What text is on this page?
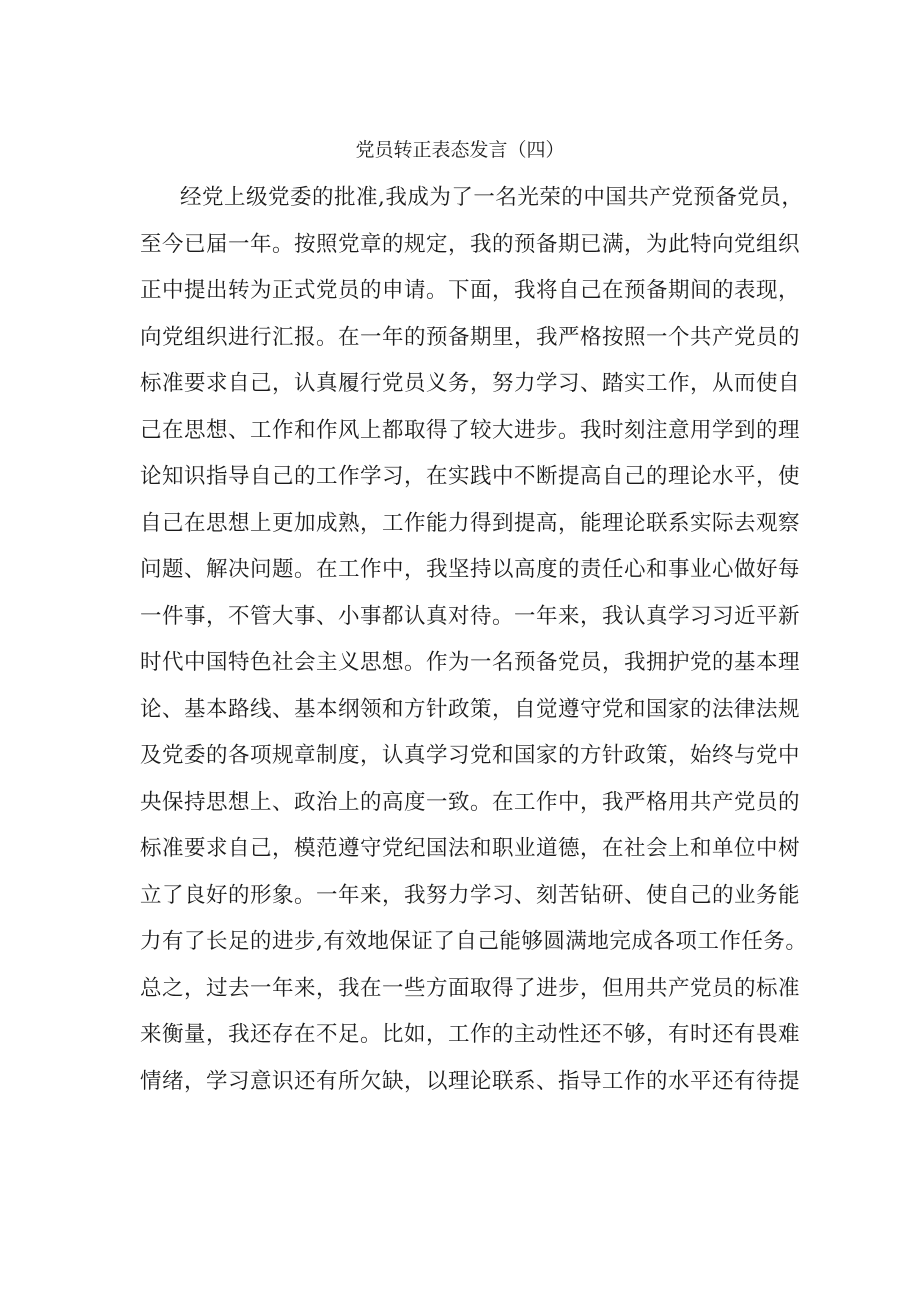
党员转正表态发言（四）
经党上级党委的批准,我成为了一名光荣的中国共产党预备党员，
至今已届一年。按照党章的规定，我的预备期已满，为此特向党组织
正中提出转为正式党员的申请。下面，我将自己在预备期间的表现，
向党组织进行汇报。在一年的预备期里，我严格按照一个共产党员的
标准要求自己，认真履行党员义务，努力学习、踏实工作，从而使自
己在思想、工作和作风上都取得了较大进步。我时刻注意用学到的理
论知识指导自己的工作学习，在实践中不断提高自己的理论水平，使
自己在思想上更加成熟，工作能力得到提高，能理论联系实际去观察
问题、解决问题。在工作中，我坚持以高度的责任心和事业心做好每
一件事，不管大事、小事都认真对待。一年来，我认真学习习近平新
时代中国特色社会主义思想。作为一名预备党员，我拥护党的基本理
论、基本路线、基本纲领和方针政策，自觉遵守党和国家的法律法规
及党委的各项规章制度，认真学习党和国家的方针政策，始终与党中
央保持思想上、政治上的高度一致。在工作中，我严格用共产党员的
标准要求自己，模范遵守党纪国法和职业道德，在社会上和单位中树
立了良好的形象。一年来，我努力学习、刻苦钻研、使自己的业务能
力有了长足的进步,有效地保证了自己能够圆满地完成各项工作任务。
总之，过去一年来，我在一些方面取得了进步，但用共产党员的标准
来衡量，我还存在不足。比如，工作的主动性还不够，有时还有畏难
情绪，学习意识还有所欠缺，以理论联系、指导工作的水平还有待提
